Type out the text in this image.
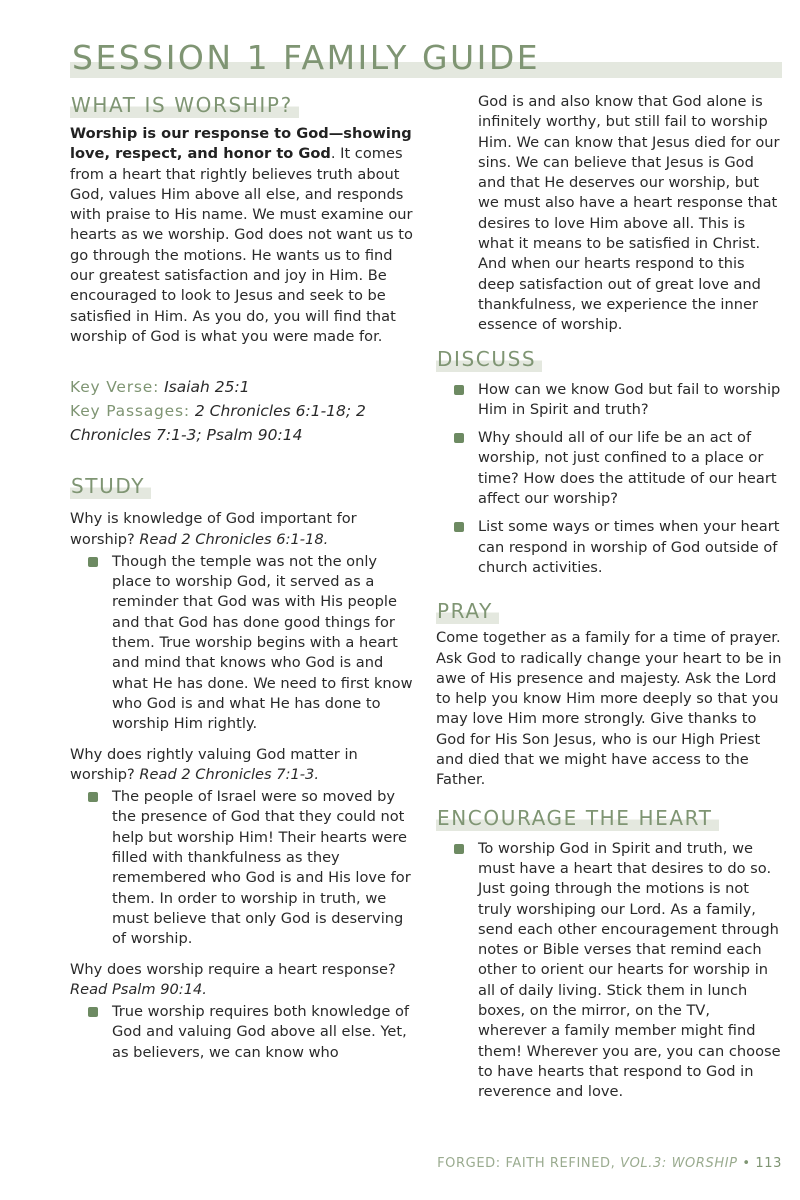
SESSION 1 FAMILY GUIDE
WHAT IS WORSHIP?

Worship is our response to God—showing love, respect, and honor to God. It comes from a heart that rightly believes truth about God, values Him above all else, and responds with praise to His name. We must examine our hearts as we worship. God does not want us to go through the motions. He wants us to find our greatest satisfaction and joy in Him. Be encouraged to look to Jesus and seek to be satisfied in Him. As you do, you will find that worship of God is what you were made for.

Key Verse: Isaiah 25:1
Key Passages: 2 Chronicles 6:1-18; 2 Chronicles 7:1-3; Psalm 90:14
STUDY

Why is knowledge of God important for worship? Read 2 Chronicles 6:1-18.

Though the temple was not the only place to worship God, it served as a reminder that God was with His people and that God has done good things for them. True worship begins with a heart and mind that knows who God is and what He has done. We need to first know who God is and what He has done to worship Him rightly.

Why does rightly valuing God matter in worship? Read 2 Chronicles 7:1-3.

The people of Israel were so moved by the presence of God that they could not help but worship Him! Their hearts were filled with thankfulness as they remembered who God is and His love for them. In order to worship in truth, we must believe that only God is deserving of worship.

Why does worship require a heart response? Read Psalm 90:14.

True worship requires both knowledge of God and valuing God above all else. Yet, as believers, we can know who

God is and also know that God alone is infinitely worthy, but still fail to worship Him. We can know that Jesus died for our sins. We can believe that Jesus is God and that He deserves our worship, but we must also have a heart response that desires to love Him above all. This is what it means to be satisfied in Christ. And when our hearts respond to this deep satisfaction out of great love and thankfulness, we experience the inner essence of worship.

DISCUSS
How can we know God but fail to worship Him in Spirit and truth?
Why should all of our life be an act of worship, not just confined to a place or time? How does the attitude of our heart affect our worship?
List some ways or times when your heart can respond in worship of God outside of church activities.
PRAY

Come together as a family for a time of prayer. Ask God to radically change your heart to be in awe of His presence and majesty. Ask the Lord to help you know Him more deeply so that you may love Him more strongly. Give thanks to God for His Son Jesus, who is our High Priest and died that we might have access to the Father.

ENCOURAGE THE HEART
To worship God in Spirit and truth, we must have a heart that desires to do so. Just going through the motions is not truly worshiping our Lord. As a family, send each other encouragement through notes or Bible verses that remind each other to orient our hearts for worship in all of daily living. Stick them in lunch boxes, on the mirror, on the TV, wherever a family member might find them! Wherever you are, you can choose to have hearts that respond to God in reverence and love.
FORGED: FAITH REFINED, VOL.3: WORSHIP • 113
